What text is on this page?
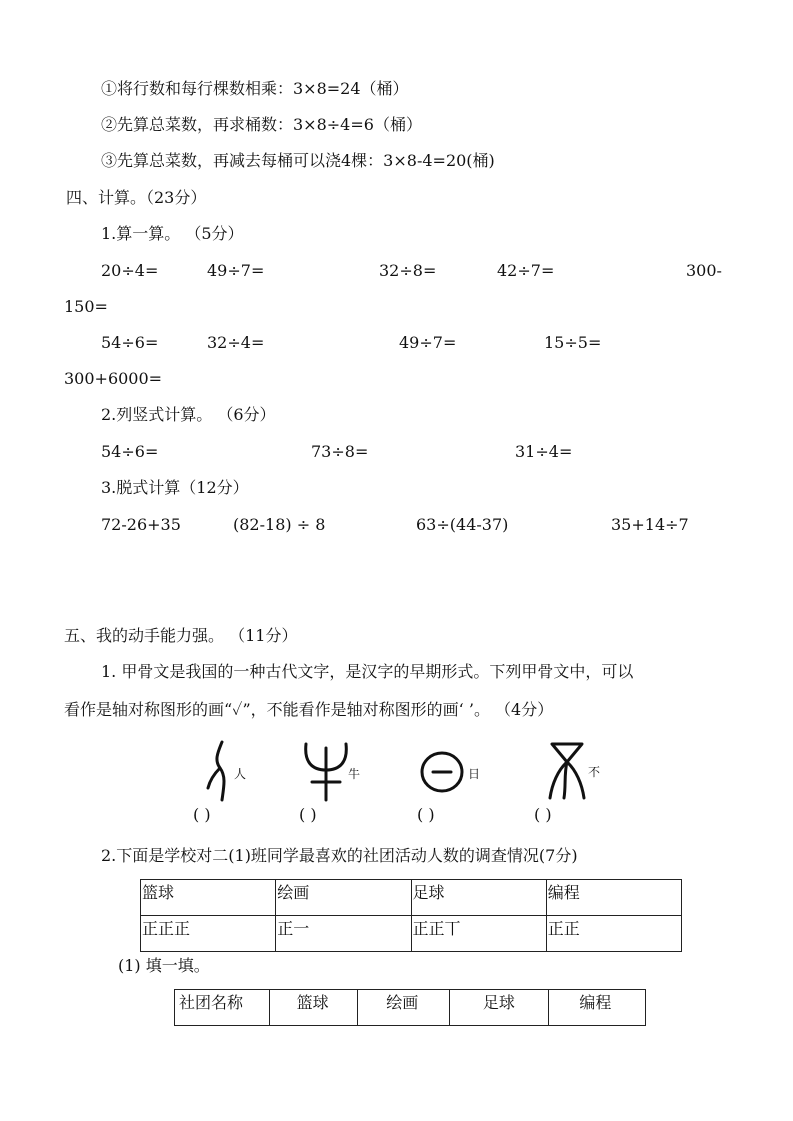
①将行数和每行棵数相乘：3×8=24（桶）
②先算总菜数，再求桶数：3×8÷4=6（桶）
③先算总菜数，再减去每桶可以浇4棵：3×8-4=20(桶)
四、计算。（23分）
1.算一算。 （5分）
20÷4=	49÷7=	32÷8=	42÷7=	300-
150=
54÷6=	32÷4=	49÷7=	15÷5=
300+6000=
2.列竖式计算。 （6分）
54÷6=	73÷8=	31÷4=
3.脱式计算（12分）
72-26+35	(82-18) ÷ 8	63÷(44-37)	35+14÷7
五、我的动手能力强。 （11分）
1. 甲骨文是我国的一种古代文字，是汉字的早期形式。下列甲骨文中，可以
看作是轴对称图形的画“✓”，不能看作是轴对称图形的画‘ ’。 （4分）
人	牛	日	不
( )	( )	( )	( )
2.下面是学校对二(1)班同学最喜欢的社团活动人数的调查情况(7分)
篮球	绘画	足球	编程

正正正	正一	正正丅	正正
(1) 填一填。
社团名称	篮球	绘画	足球	编程
